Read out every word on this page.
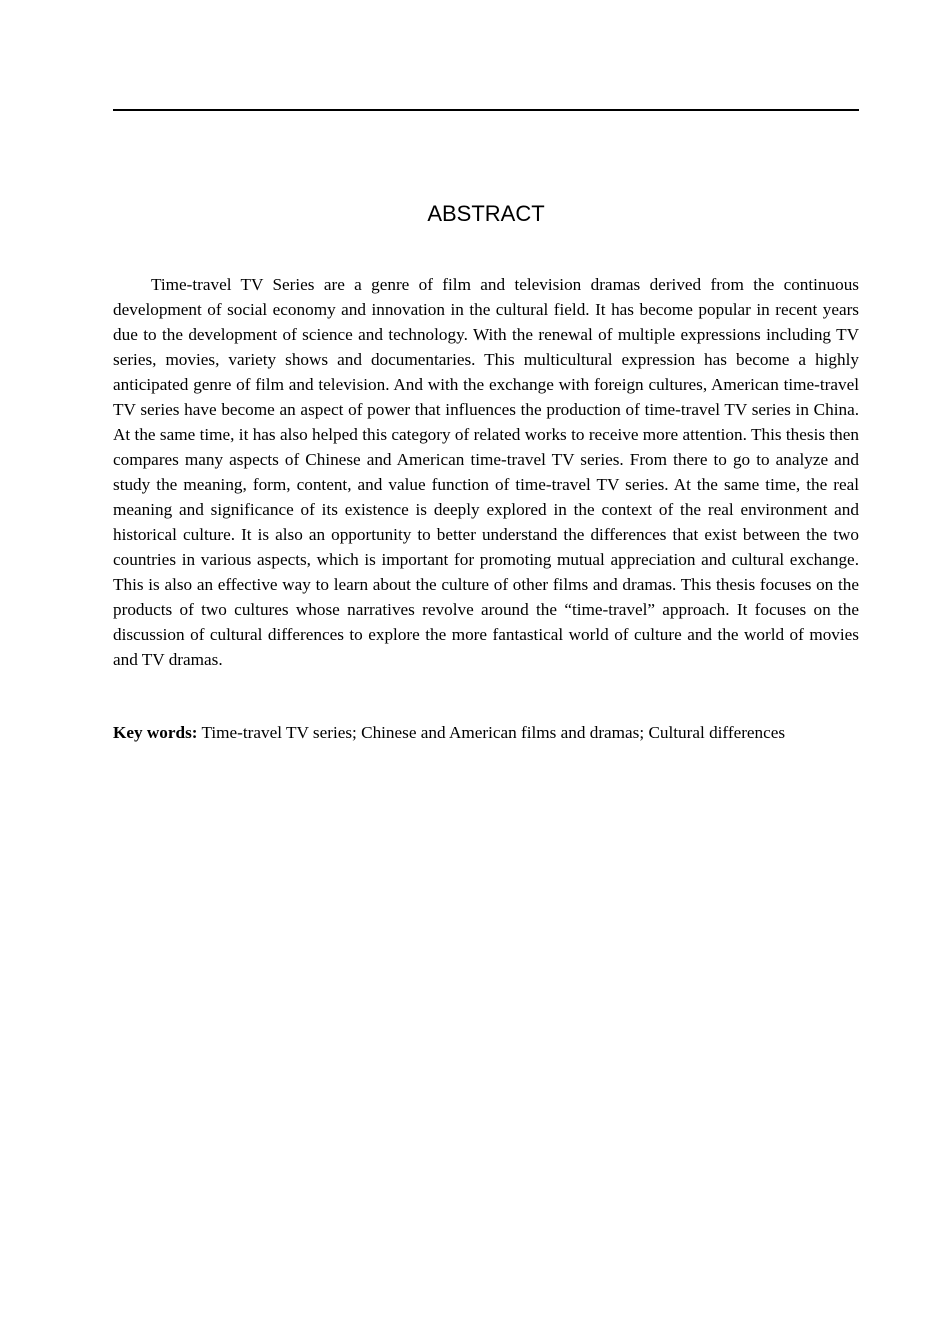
ABSTRACT

Time-travel TV Series are a genre of film and television dramas derived from the continuous development of social economy and innovation in the cultural field. It has become popular in recent years due to the development of science and technology. With the renewal of multiple expressions including TV series, movies, variety shows and documentaries. This multicultural expression has become a highly anticipated genre of film and television. And with the exchange with foreign cultures, American time-travel TV series have become an aspect of power that influences the production of time-travel TV series in China. At the same time, it has also helped this category of related works to receive more attention. This thesis then compares many aspects of Chinese and American time-travel TV series. From there to go to analyze and study the meaning, form, content, and value function of time-travel TV series. At the same time, the real meaning and significance of its existence is deeply explored in the context of the real environment and historical culture. It is also an opportunity to better understand the differences that exist between the two countries in various aspects, which is important for promoting mutual appreciation and cultural exchange. This is also an effective way to learn about the culture of other films and dramas. This thesis focuses on the products of two cultures whose narratives revolve around the “time-travel” approach. It focuses on the discussion of cultural differences to explore the more fantastical world of culture and the world of movies and TV dramas.

Key words: Time-travel TV series; Chinese and American films and dramas; Cultural differences
